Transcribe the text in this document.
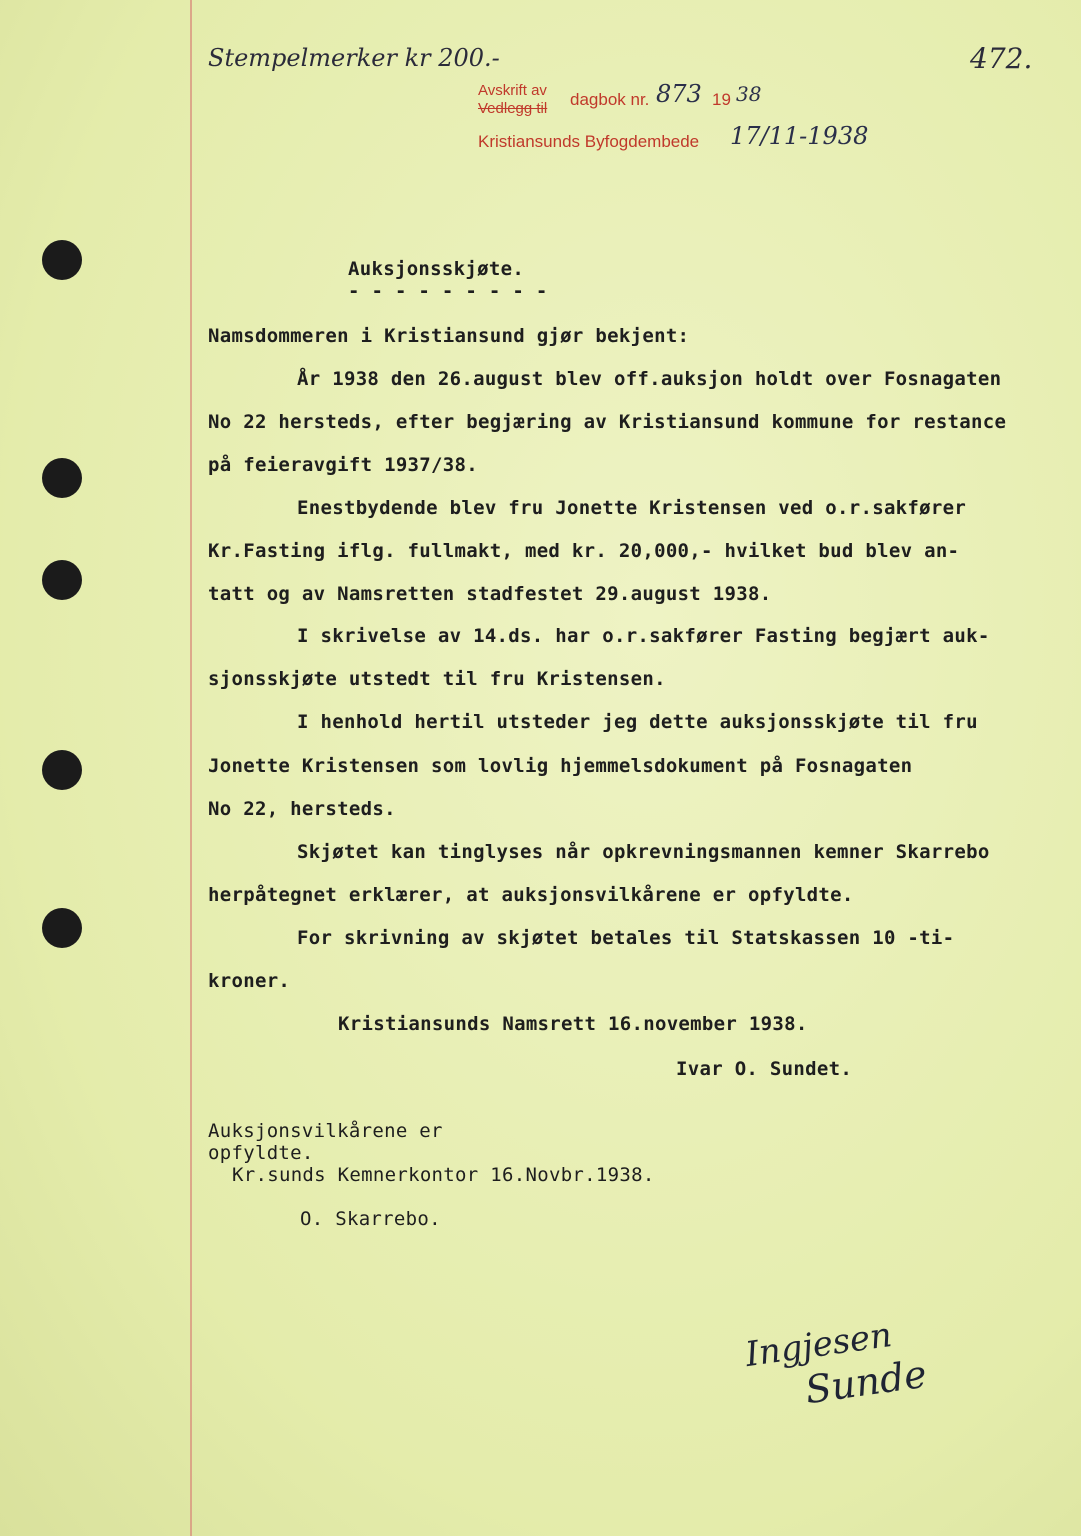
Stempelmerker kr 200.-	472.
Avskrift av
Vedlegg til dagbok nr. 873 19 38
Kristiansunds Byfogdembede 17/11-1938
Auksjonsskjøte.
- - - - - - - - -
Namsdommeren i Kristiansund gjør bekjent:
År 1938 den 26.august blev off.auksjon holdt over Fosnagaten
No 22 hersteds, efter begjæring av Kristiansund kommune for restance
på feieravgift 1937/38.
Enestbydende blev fru Jonette Kristensen ved o.r.sakfører
Kr.Fasting iflg. fullmakt, med kr. 20,000,- hvilket bud blev an-
tatt og av Namsretten stadfestet 29.august 1938.
I skrivelse av 14.ds. har o.r.sakfører Fasting begjært auk-
sjonsskjøte utstedt til fru Kristensen.
I henhold hertil utsteder jeg dette auksjonsskjøte til fru
Jonette Kristensen som lovlig hjemmelsdokument på Fosnagaten
No 22, hersteds.
Skjøtet kan tinglyses når opkrevningsmannen kemner Skarrebo
herpåtegnet erklærer, at auksjonsvilkårene er opfyldte.
For skrivning av skjøtet betales til Statskassen 10 -ti-
kroner.
Kristiansunds Namsrett 16.november 1938.
Ivar O. Sundet.
Auksjonsvilkårene er
opfyldte.
Kr.sunds Kemnerkontor 16.Novbr.1938.
O. Skarrebo.
Ingjesen
Sunde
